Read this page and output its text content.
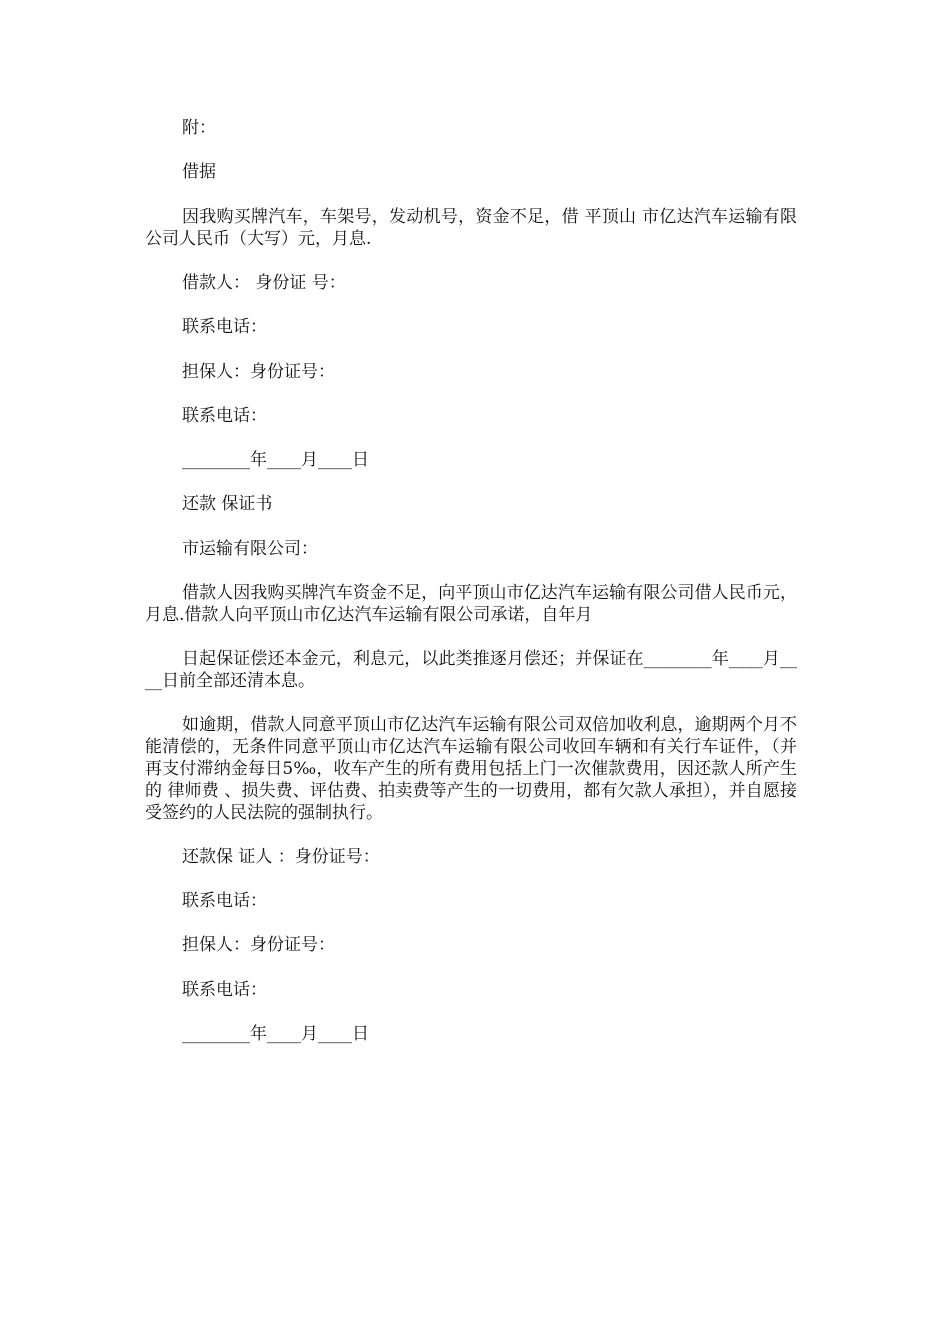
附：

借据

因我购买牌汽车，车架号，发动机号，资金不足，借 平顶山 市亿达汽车运输有限公司人民币（大写）元，月息.

借款人： 身份证 号：

联系电话：

担保人：身份证号：

联系电话：

________年____月____日

还款 保证书

市运输有限公司：

借款人因我购买牌汽车资金不足，向平顶山市亿达汽车运输有限公司借人民币元，月息.借款人向平顶山市亿达汽车运输有限公司承诺，自年月

日起保证偿还本金元，利息元，以此类推逐月偿还；并保证在________年____月____日前全部还清本息。

如逾期，借款人同意平顶山市亿达汽车运输有限公司双倍加收利息，逾期两个月不能清偿的，无条件同意平顶山市亿达汽车运输有限公司收回车辆和有关行车证件，（并再支付滞纳金每日5‰，收车产生的所有费用包括上门一次催款费用，因还款人所产生的 律师费 、损失费、评估费、拍卖费等产生的一切费用，都有欠款人承担），并自愿接受签约的人民法院的强制执行。

还款保 证人 ：身份证号：

联系电话：

担保人：身份证号：

联系电话：

________年____月____日
